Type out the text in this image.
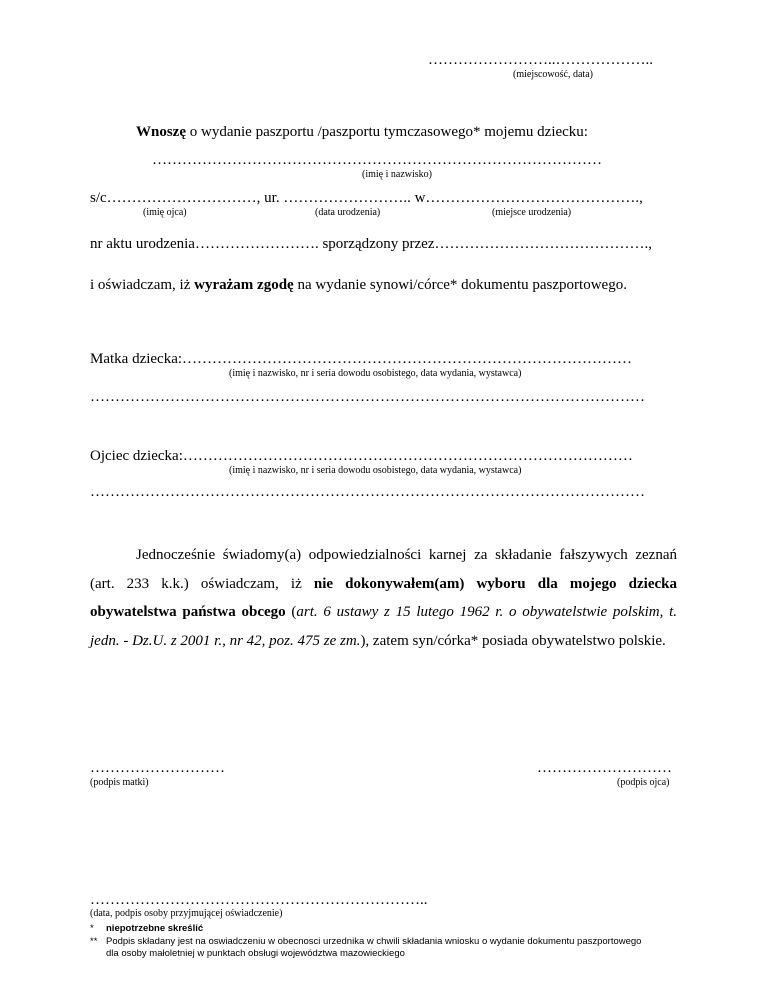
……………………..………………..
(miejscowość, data)
Wnoszę o wydanie paszportu /paszportu tymczasowego* mojemu dziecku:
………………………………………………………………………………
(imię i nazwisko)
s/c…………………………, ur. …………………….. w…………………………………….,
(imię ojca)	(data urodzenia)	(miejsce urodzenia)
nr aktu urodzenia……………………. sporządzony przez…………………………………….,
i oświadczam, iż wyrażam zgodę na wydanie synowi/córce* dokumentu paszportowego.
Matka dziecka:………………………………………………………………………………
(imię i nazwisko, nr i seria dowodu osobistego, data wydania, wystawca)
…………………………………………………………………………………………………
Ojciec dziecka:………………………………………………………………………………
(imię i nazwisko, nr i seria dowodu osobistego, data wydania, wystawca)
…………………………………………………………………………………………………
Jednocześnie świadomy(a) odpowiedzialności karnej za składanie fałszywych zeznań (art. 233 k.k.) oświadczam, iż nie dokonywałem(am) wyboru dla mojego dziecka obywatelstwa państwa obcego (art. 6 ustawy z 15 lutego 1962 r. o obywatelstwie polskim, t. jedn. - Dz.U. z 2001 r., nr 42, poz. 475 ze zm.), zatem syn/córka* posiada obywatelstwo polskie.
………………………
(podpis matki)
………………………
(podpis ojca)
…………………………………………………………..
(data, podpis osoby przyjmującej oświadczenie)
* niepotrzebne skreślić
** Podpis składany jest na oswiadczeniu w obecnosci urzednika w chwili składania wniosku o wydanie dokumentu paszportowego
dla osoby małoletniej w punktach obsługi województwa mazowieckiego
